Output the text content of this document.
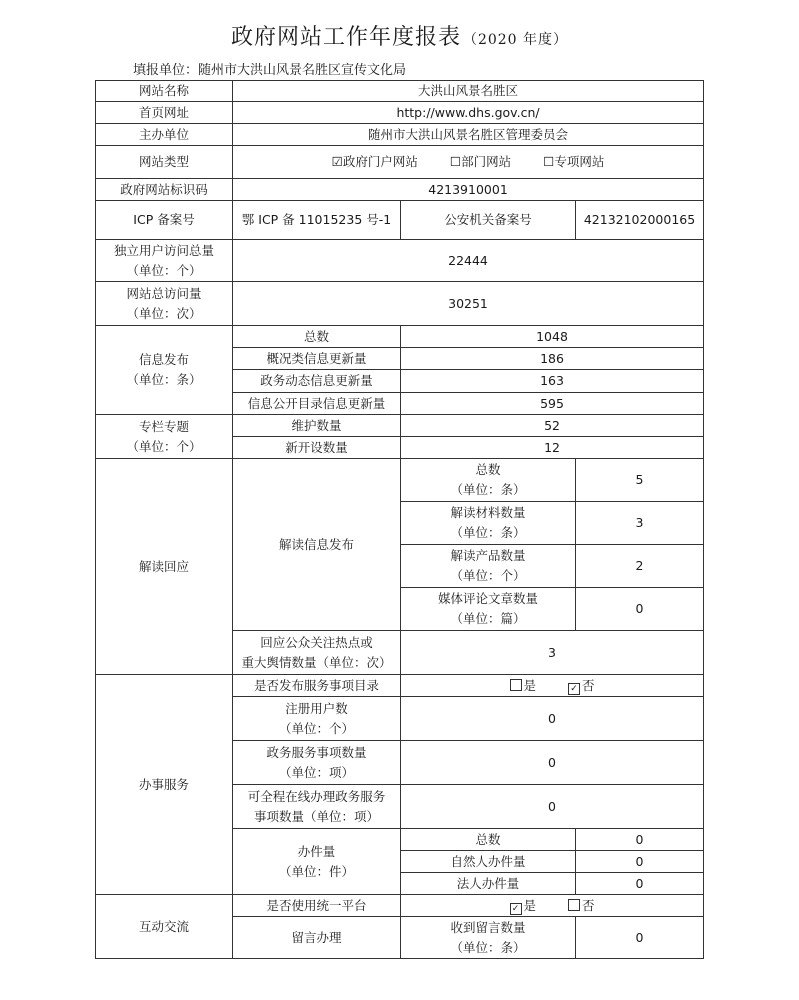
政府网站工作年度报表 （2020 年度）
填报单位：随州市大洪山风景名胜区宣传文化局
网站名称	大洪山风景名胜区		
首页网址	http://www.dhs.gov.cn/		
主办单位	随州市大洪山风景名胜区管理委员会		
网站类型	☑政府门户网站 ☐部门网站 ☐专项网站		
政府网站标识码	4213910001		
ICP 备案号	鄂 ICP 备 11015235 号-1	公安机关备案号	42132102000165

独立用户访问总量
（单位：个）	22444		

网站总访问量
（单位：次）	30251		

信息发布
（单位：条）	总数	1048	
	概况类信息更新量	186	
	政务动态信息更新量	163	
	信息公开目录信息更新量	595	

专栏专题
（单位：个）	维护数量	52	
	新开设数量	12	
解读回应	解读信息发布	总数
（单位：条）	5

		解读材料数量
（单位：条）	3

		解读产品数量
（单位：个）	2

		媒体评论文章数量
（单位：篇）	0

	回应公众关注热点或
重大舆情数量（单位：次）	3	
办事服务	是否发布服务事项目录	是 ✓ 否	

	注册用户数
（单位：个）	0	

	政务服务事项数量
（单位：项）	0	

	可全程在线办理政务服务
事项数量（单位：项）	0	

	办件量
（单位：件）	总数	0
		自然人办件量	0
		法人办件量	0
互动交流	是否使用统一平台	✓ 是 否	
	留言办理	收到留言数量
（单位：条）	0
